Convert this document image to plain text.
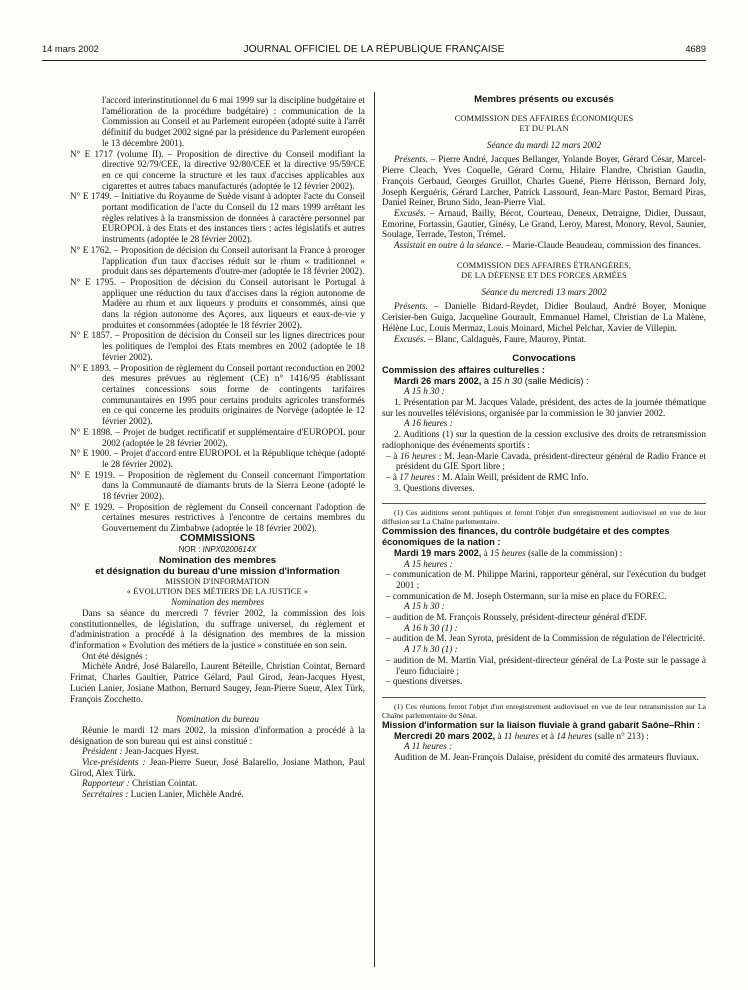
14 mars 2002	JOURNAL OFFICIEL DE LA RÉPUBLIQUE FRANÇAISE	4689

l'accord interinstitutionnel du 6 mai 1999 sur la discipline budgétaire et l'amélioration de la procédure budgétaire) : communication de la Commission au Conseil et au Parlement européen (adopté suite à l'arrêt définitif du budget 2002 signé par la présidence du Parlement européen le 13 décembre 2001).

N° E 1717 (volume II). – Proposition de directive du Conseil modifiant la directive 92/79/CEE, la directive 92/80/CEE et la directive 95/59/CE en ce qui concerne la structure et les taux d'accises applicables aux cigarettes et autres tabacs manufacturés (adoptée le 12 février 2002).

N° E 1749. – Initiative du Royaume de Suède visant à adopter l'acte du Conseil portant modification de l'acte du Conseil du 12 mars 1999 arrêtant les règles relatives à la transmission de données à caractère personnel par EUROPOL à des Etats et des instances tiers : actes législatifs et autres instruments (adoptée le 28 février 2002).

N° E 1762. – Proposition de décision du Conseil autorisant la France à proroger l'application d'un taux d'accises réduit sur le rhum « traditionnel » produit dans ses départements d'outre-mer (adoptée le 18 février 2002).

N° E 1795. – Proposition de décision du Conseil autorisant le Portugal à appliquer une réduction du taux d'accises dans la région autonome de Madère au rhum et aux liqueurs y produits et consommés, ainsi que dans la région autonome des Açores, aux liqueurs et eaux-de-vie y produites et consommées (adoptée le 18 février 2002).

N° E 1857. – Proposition de décision du Conseil sur les lignes directrices pour les politiques de l'emploi des Etats membres en 2002 (adoptée le 18 février 2002).

N° E 1893. – Proposition de règlement du Conseil portant reconduction en 2002 des mesures prévues au règlement (CE) n° 1416/95 établissant certaines concessions sous forme de contingents tarifaires communautaires en 1995 pour certains produits agricoles transformés en ce qui concerne les produits originaires de Norvège (adoptée le 12 février 2002).

N° E 1898. – Projet de budget rectificatif et supplémentaire d'EUROPOL pour 2002 (adoptée le 28 février 2002).

N° E 1900. – Projet d'accord entre EUROPOL et la République tchèque (adopté le 28 février 2002).

N° E 1919. – Proposition de règlement du Conseil concernant l'importation dans la Communauté de diamants bruts de la Sierra Leone (adopté le 18 février 2002).

N° E 1929. – Proposition de règlement du Conseil concernant l'adoption de certaines mesures restrictives à l'encontre de certains membres du Gouvernement du Zimbabwe (adoptée le 18 février 2002).

COMMISSIONS

NOR : INPX0200614X

Nomination des membres
et désignation du bureau d'une mission d'information

MISSION D'INFORMATION
« ÉVOLUTION DES MÉTIERS DE LA JUSTICE »

Nomination des membres

Dans sa séance du mercredi 7 février 2002, la commission des lois constitutionnelles, de législation, du suffrage universel, du règlement et d'administration a procédé à la désignation des membres de la mission d'information « Evolution des métiers de la justice » constituée en son sein.

Ont été désignés :

Michèle André, José Balarello, Laurent Béteille, Christian Cointat, Bernard Frimat, Charles Gaultier, Patrice Gélard, Paul Girod, Jean-Jacques Hyest, Lucien Lanier, Josiane Mathon, Bernard Saugey, Jean-Pierre Sueur, Alex Türk, François Zocchetto.

Nomination du bureau

Réunie le mardi 12 mars 2002, la mission d'information a procédé à la désignation de son bureau qui est ainsi constitué :

Président : Jean-Jacques Hyest.

Vice-présidents : Jean-Pierre Sueur, José Balarello, Josiane Mathon, Paul Girod, Alex Türk.

Rapporteur : Christian Cointat.

Secrétaires : Lucien Lanier, Michèle André.

Membres présents ou excusés

COMMISSION DES AFFAIRES ÉCONOMIQUES
ET DU PLAN

Séance du mardi 12 mars 2002

Présents. – Pierre André, Jacques Bellanger, Yolande Boyer, Gérard César, Marcel-Pierre Cleach, Yves Coquelle, Gérard Cornu, Hilaire Flandre, Christian Gaudin, François Gerbaud, Georges Gruillot, Charles Guené, Pierre Hérisson, Bernard Joly, Joseph Kerguéris, Gérard Larcher, Patrick Lassourd, Jean-Marc Pastor, Bernard Piras, Daniel Reiner, Bruno Sido, Jean-Pierre Vial.

Excusés. – Arnaud, Bailly, Bécot, Courteau, Deneux, Detraigne, Didier, Dussaut, Emorine, Fortassin, Gautier, Ginésy, Le Grand, Leroy, Marest, Monory, Revol, Saunier, Soulage, Terrade, Teston, Trémel.

Assistait en outre à la séance. – Marie-Claude Beaudeau, commission des finances.

COMMISSION DES AFFAIRES ÉTRANGÈRES,
DE LA DÉFENSE ET DES FORCES ARMÉES

Séance du mercredi 13 mars 2002

Présents. – Danielle Bidard-Reydet, Didier Boulaud, André Boyer, Monique Cerisier-ben Guiga, Jacqueline Gourault, Emmanuel Hamel, Christian de La Malène, Hélène Luc, Louis Mermaz, Louis Moinard, Michel Pelchat, Xavier de Villepin.

Excusés. – Blanc, Caldaguès, Faure, Mauroy, Pintat.

Convocations

Commission des affaires culturelles :

Mardi 26 mars 2002, à 15 h 30 (salle Médicis) :

A 15 h 30 :

1. Présentation par M. Jacques Valade, président, des actes de la journée thématique sur les nouvelles télévisions, organisée par la commission le 30 janvier 2002.

A 16 heures :

2. Auditions (1) sur la question de la cession exclusive des droits de retransmission radiophonique des événements sportifs :

– à 16 heures : M. Jean-Marie Cavada, président-directeur général de Radio France et président du GIE Sport libre ;

– à 17 heures : M. Alain Weill, président de RMC Info.

3. Questions diverses.

(1) Ces auditions seront publiques et feront l'objet d'un enregistrement audiovisuel en vue de leur diffusion sur La Chaîne parlementaire.

Commission des finances, du contrôle budgétaire et des comptes économiques de la nation :

Mardi 19 mars 2002, à 15 heures (salle de la commission) :

A 15 heures :

– communication de M. Philippe Marini, rapporteur général, sur l'exécution du budget 2001 ;

– communication de M. Joseph Ostermann, sur la mise en place du FOREC.

A 15 h 30 :

– audition de M. François Roussely, président-directeur général d'EDF.

A 16 h 30 (1) :

– audition de M. Jean Syrota, président de la Commission de régulation de l'électricité.

A 17 h 30 (1) :

– audition de M. Martin Vial, président-directeur général de La Poste sur le passage à l'euro fiduciaire ;

– questions diverses.

(1) Ces réunions feront l'objet d'un enregistrement audiovisuel en vue de leur retransmission sur La Chaîne parlementaire du Sénat.

Mission d'information sur la liaison fluviale à grand gabarit Saône–Rhin :

Mercredi 20 mars 2002, à 11 heures et à 14 heures (salle n° 213) :

A 11 heures :

Audition de M. Jean-François Dalaise, président du comité des armateurs fluviaux.
